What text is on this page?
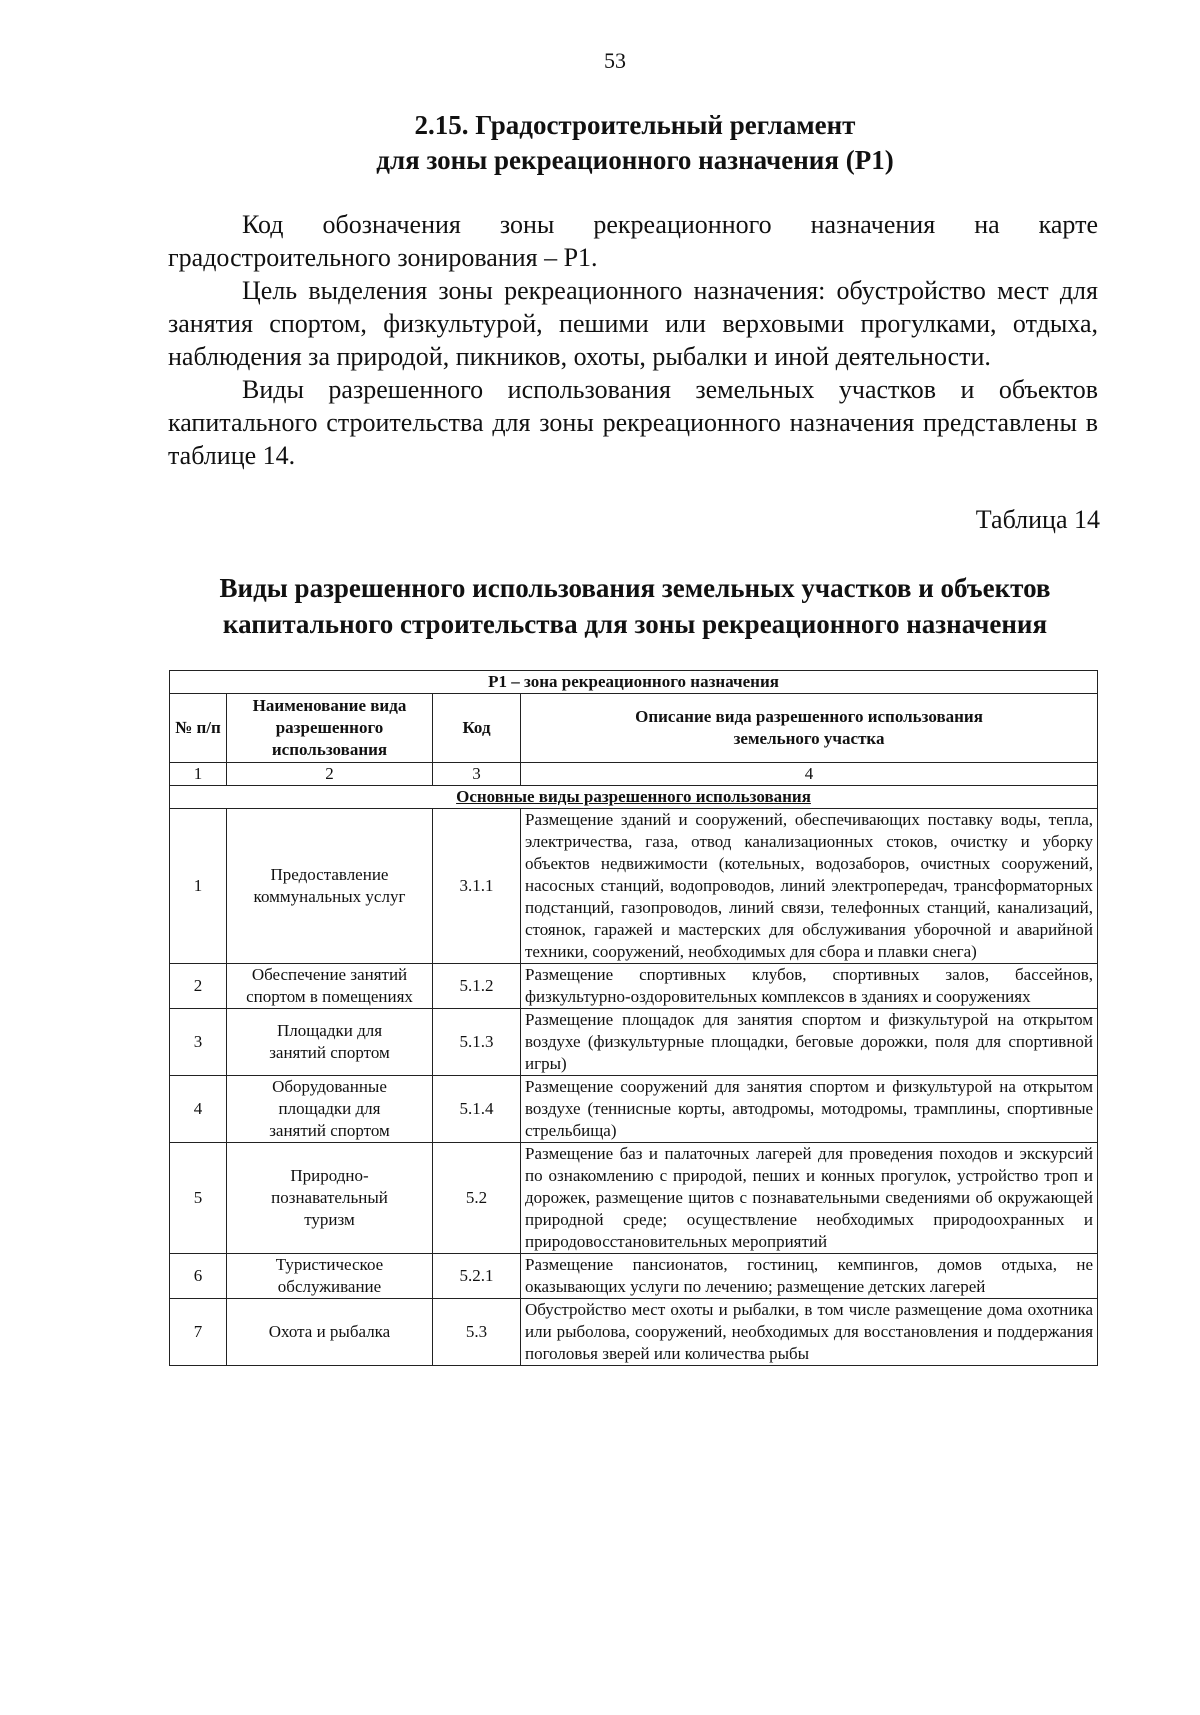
53
2.15. Градостроительный регламент
для зоны рекреационного назначения (Р1)

Код обозначения зоны рекреационного назначения на карте градостроительного зонирования – Р1.

Цель выделения зоны рекреационного назначения: обустройство мест для занятия спортом, физкультурой, пешими или верховыми прогулками, отдыха, наблюдения за природой, пикников, охоты, рыбалки и иной деятельности.

Виды разрешенного использования земельных участков и объектов капитального строительства для зоны рекреационного назначения представлены в таблице 14.

Таблица 14
Виды разрешенного использования земельных участков и объектов
капитального строительства для зоны рекреационного назначения
Р1 – зона рекреационного назначения			
№ п/п	Наименование вида разрешенного использования	Код	Описание вида разрешенного использования земельного участка
1	2	3	4
Основные виды разрешенного использования			
1	Предоставление коммунальных услуг	3.1.1	Размещение зданий и сооружений, обеспечивающих поставку воды, тепла, электричества, газа, отвод канализационных стоков, очистку и уборку объектов недвижимости (котельных, водозаборов, очистных сооружений, насосных станций, водопроводов, линий электропередач, трансформаторных подстанций, газопроводов, линий связи, телефонных станций, канализаций, стоянок, гаражей и мастерских для обслуживания уборочной и аварийной техники, сооружений, необходимых для сбора и плавки снега)
2	Обеспечение занятий спортом в помещениях	5.1.2	Размещение спортивных клубов, спортивных залов, бассейнов, физкультурно-оздоровительных комплексов в зданиях и сооружениях
3	Площадки для занятий спортом	5.1.3	Размещение площадок для занятия спортом и физкультурой на открытом воздухе (физкультурные площадки, беговые дорожки, поля для спортивной игры)
4	Оборудованные площадки для занятий спортом	5.1.4	Размещение сооружений для занятия спортом и физкультурой на открытом воздухе (теннисные корты, автодромы, мотодромы, трамплины, спортивные стрельбища)
5	Природно-познавательный туризм	5.2	Размещение баз и палаточных лагерей для проведения походов и экскурсий по ознакомлению с природой, пеших и конных прогулок, устройство троп и дорожек, размещение щитов с познавательными сведениями об окружающей природной среде; осуществление необходимых природоохранных и природовосстановительных мероприятий
6	Туристическое обслуживание	5.2.1	Размещение пансионатов, гостиниц, кемпингов, домов отдыха, не оказывающих услуги по лечению; размещение детских лагерей
7	Охота и рыбалка	5.3	Обустройство мест охоты и рыбалки, в том числе размещение дома охотника или рыболова, сооружений, необходимых для восстановления и поддержания поголовья зверей или количества рыбы
